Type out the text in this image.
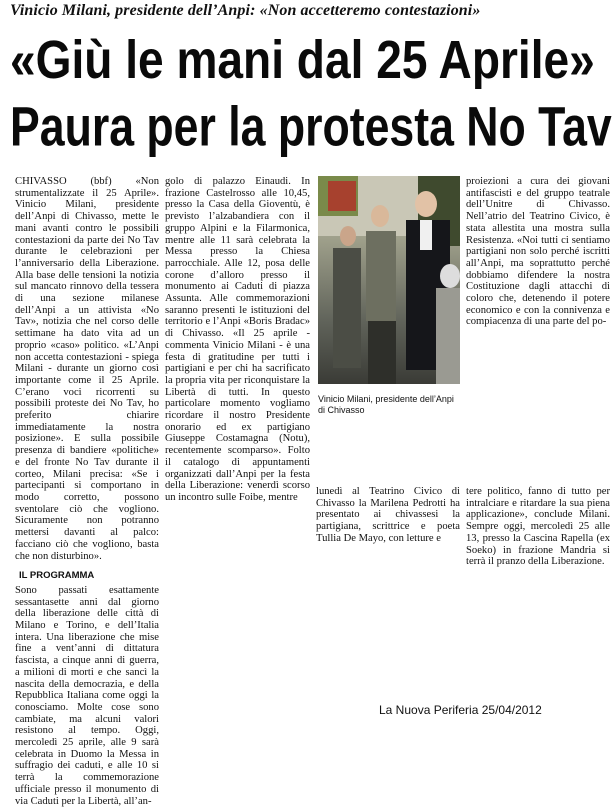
Vinicio Milani, presidente dell’Anpi: «Non accetteremo contestazioni»
«Giù le mani dal 25 Aprile»
Paura per la protesta No Tav

CHIVASSO (bbf) «Non strumentalizzate il 25 Aprile». Vinicio Milani, presidente dell’Anpi di Chivasso, mette le mani avanti contro le possibili contestazioni da parte dei No Tav durante le celebrazioni per l’anniversario della Liberazione. Alla base delle tensioni la notizia sul mancato rinnovo della tessera di una sezione milanese dell’Anpi a un attivista «No Tav», notizia che nel corso delle settimane ha dato vita ad un proprio «caso» politico. «L’Anpi non accetta contestazioni - spiega Milani - durante un giorno così importante come il 25 Aprile. C’erano voci ricorrenti su possibili proteste dei No Tav, ho preferito chiarire immediatamente la nostra posizione». E sulla possibile presenza di bandiere «politiche» e del fronte No Tav durante il corteo, Milani precisa: «Se i partecipanti si comportano in modo corretto, possono sventolare ciò che vogliono. Sicuramente non potranno mettersi davanti al palco: facciano ciò che vogliono, basta che non disturbino».

IL PROGRAMMA

Sono passati esattamente sessantasette anni dal giorno della liberazione delle città di Milano e Torino, e dell’Italia intera. Una liberazione che mise fine a vent’anni di dittatura fascista, a cinque anni di guerra, a milioni di morti e che sancì la nascita della democrazia, e della Repubblica Italiana come oggi la conosciamo. Molte cose sono cambiate, ma alcuni valori resistono al tempo. Oggi, mercoledì 25 aprile, alle 9 sarà celebrata in Duomo la Messa in suffragio dei caduti, e alle 10 si terrà la commemorazione ufficiale presso il monumento di via Caduti per la Libertà, all’an-

golo di palazzo Einaudi. In frazione Castelrosso alle 10,45, presso la Casa della Gioventù, è previsto l’alzabandiera con il gruppo Alpini e la Filarmonica, mentre alle 11 sarà celebrata la Messa presso la Chiesa parrocchiale. Alle 12, posa delle corone d’alloro presso il monumento ai Caduti di piazza Assunta. Alle commemorazioni saranno presenti le istituzioni del territorio e l’Anpi «Boris Bradac» di Chivasso. «Il 25 aprile - commenta Vinicio Milani - è una festa di gratitudine per tutti i partigiani e per chi ha sacrificato la propria vita per riconquistare la Libertà di tutti. In questo particolare momento vogliamo ricordare il nostro Presidente onorario ed ex partigiano Giuseppe Costamagna (Notu), recentemente scomparso». Folto il catalogo di appuntamenti organizzati dall’Anpi per la festa della Liberazione: venerdì scorso un incontro sulle Foibe, mentre

Vinicio Milani, presidente dell’Anpi di Chivasso

lunedì al Teatrino Civico di Chivasso la Marilena Pedrotti ha presentato ai chivassesi la partigiana, scrittrice e poeta Tullia De Mayo, con letture e

proiezioni a cura dei giovani antifascisti e del gruppo teatrale dell’Unitre di Chivasso. Nell’atrio del Teatrino Civico, è stata allestita una mostra sulla Resistenza. «Noi tutti ci sentiamo partigiani non solo perché iscritti all’Anpi, ma soprattutto perché dobbiamo difendere la nostra Costituzione dagli attacchi di coloro che, detenendo il potere economico e con la connivenza e compiacenza di una parte del po-

tere politico, fanno di tutto per intralciare e ritardare la sua piena applicazione», conclude Milani. Sempre oggi, mercoledì 25 alle 13, presso la Cascina Rapella (ex Soeko) in frazione Mandria si terrà il pranzo della Liberazione.

La Nuova Periferia 25/04/2012
